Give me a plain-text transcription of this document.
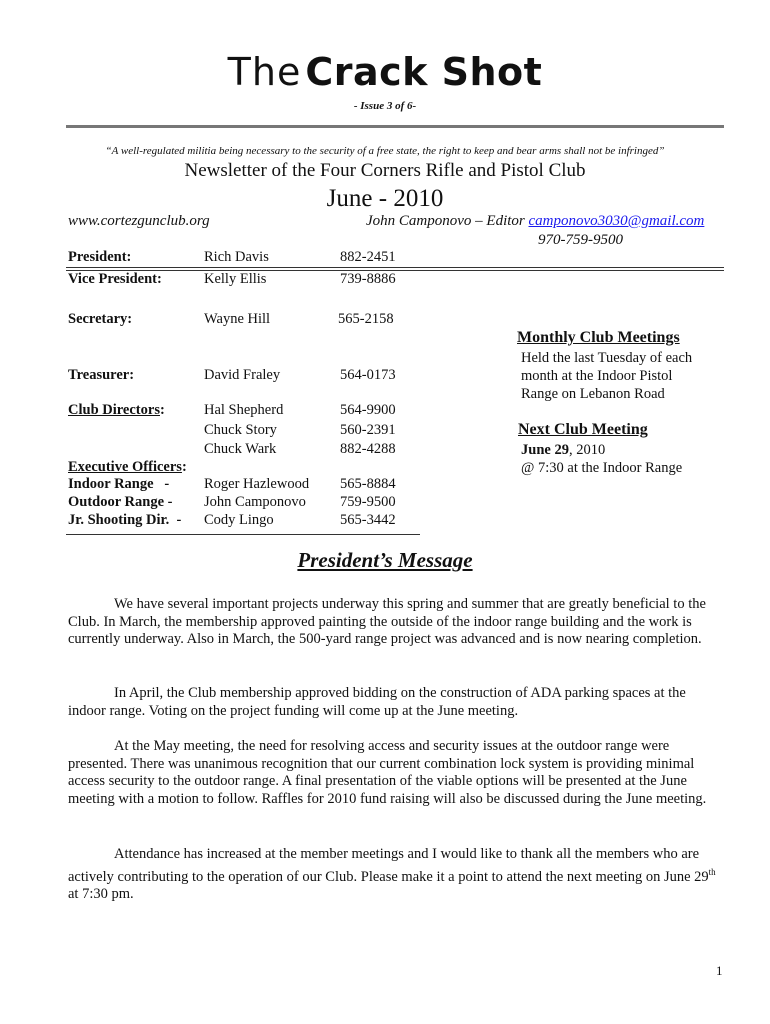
The Crack Shot
- Issue 3 of 6-
“A well-regulated militia being necessary to the security of a free state, the right to keep and bear arms shall not be infringed”
Newsletter of the Four Corners Rifle and Pistol Club
June - 2010
www.cortezgunclub.org	John Camponovo – Editor camponovo3030@gmail.com
970-759-9500
President:	Rich Davis	882-2451
Vice President:	Kelly Ellis	739-8886
Secretary:	Wayne Hill	565-2158
Treasurer:	David Fraley	564-0173
Club Directors:	Hal Shepherd	564-9900
Chuck Story	560-2391
Chuck Wark	882-4288
Executive Officers:
Indoor Range   - Roger Hazlewood 565-8884
Outdoor Range - John Camponovo 759-9500
Jr. Shooting Dir.  - Cody Lingo	565-3442
Monthly Club Meetings
Held the last Tuesday of each
month at the Indoor Pistol
Range on Lebanon Road
Next Club Meeting
June 29, 2010
@ 7:30 at the Indoor Range
President’s Message

We have several important projects underway this spring and summer that are greatly beneficial to the Club. In March, the membership approved painting the outside of the indoor range building and the work is currently underway. Also in March, the 500-yard range project was advanced and is now nearing completion.

In April, the Club membership approved bidding on the construction of ADA parking spaces at the indoor range. Voting on the project funding will come up at the June meeting.

At the May meeting, the need for resolving access and security issues at the outdoor range were presented. There was unanimous recognition that our current combination lock system is providing minimal access security to the outdoor range. A final presentation of the viable options will be presented at the June meeting with a motion to follow. Raffles for 2010 fund raising will also be discussed during the June meeting.

Attendance has increased at the member meetings and I would like to thank all the members who are actively contributing to the operation of our Club. Please make it a point to attend the next meeting on June 29th at 7:30 pm.

1
